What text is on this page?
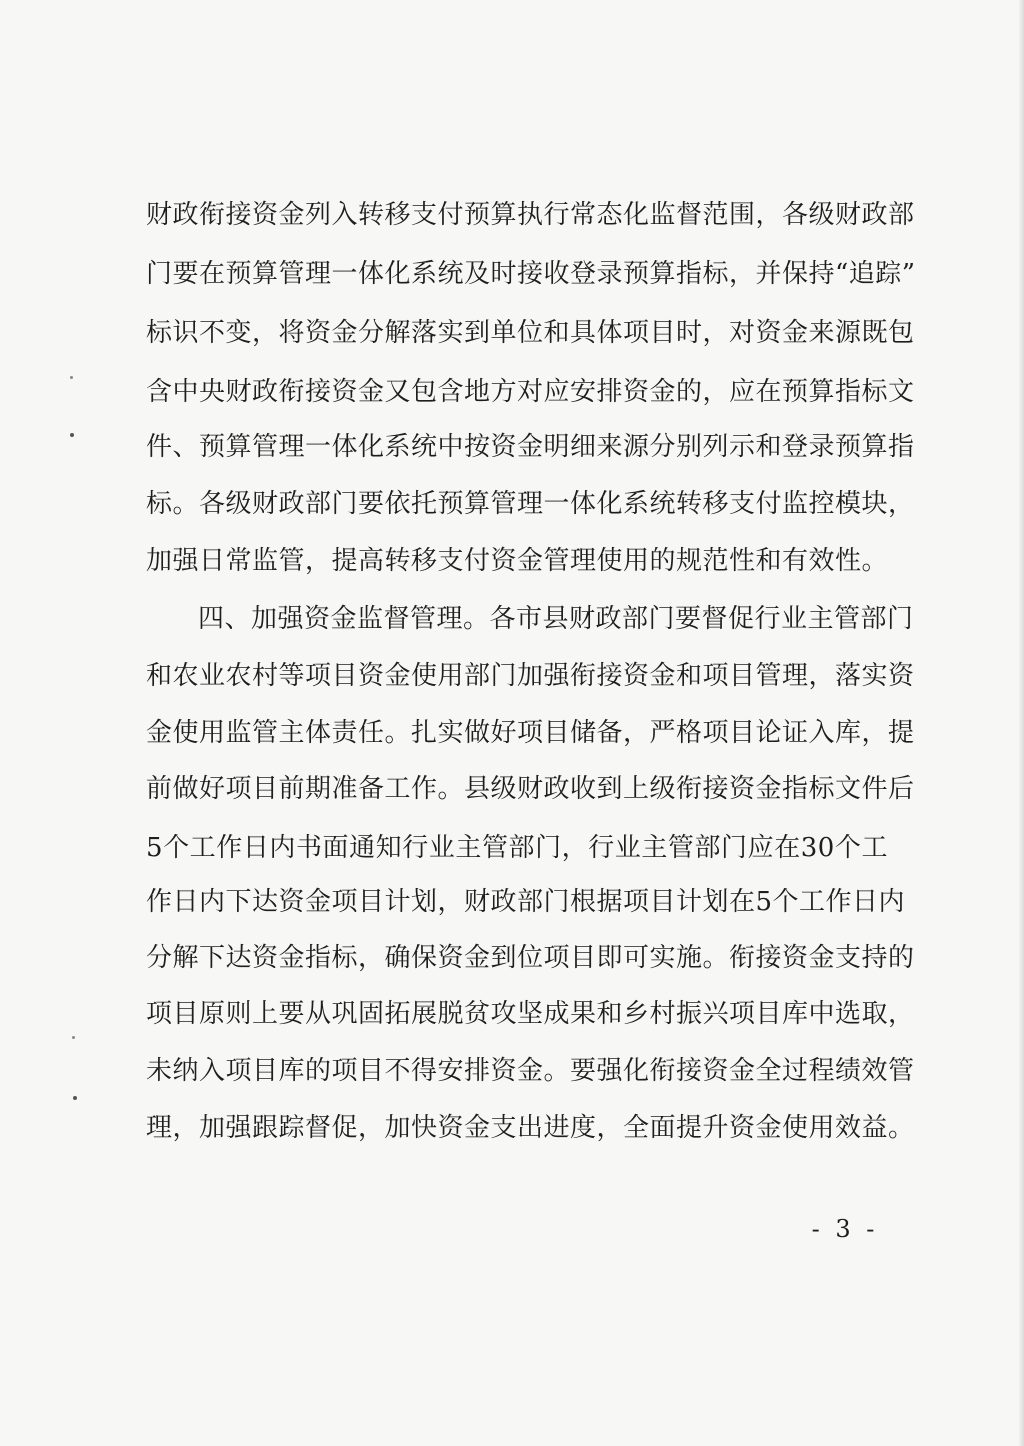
财政衔接资金列入转移支付预算执行常态化监督范围，各级财政部
门要在预算管理一体化系统及时接收登录预算指标，并保持“追踪”
标识不变，将资金分解落实到单位和具体项目时，对资金来源既包
含中央财政衔接资金又包含地方对应安排资金的，应在预算指标文
件、预算管理一体化系统中按资金明细来源分别列示和登录预算指
标。各级财政部门要依托预算管理一体化系统转移支付监控模块，
加强日常监管，提高转移支付资金管理使用的规范性和有效性。
四、加强资金监督管理。各市县财政部门要督促行业主管部门
和农业农村等项目资金使用部门加强衔接资金和项目管理，落实资
金使用监管主体责任。扎实做好项目储备，严格项目论证入库，提
前做好项目前期准备工作。县级财政收到上级衔接资金指标文件后
5个工作日内书面通知行业主管部门，行业主管部门应在30个工
作日内下达资金项目计划，财政部门根据项目计划在5个工作日内
分解下达资金指标，确保资金到位项目即可实施。衔接资金支持的
项目原则上要从巩固拓展脱贫攻坚成果和乡村振兴项目库中选取，
未纳入项目库的项目不得安排资金。要强化衔接资金全过程绩效管
理，加强跟踪督促，加快资金支出进度，全面提升资金使用效益。
- 3 -
